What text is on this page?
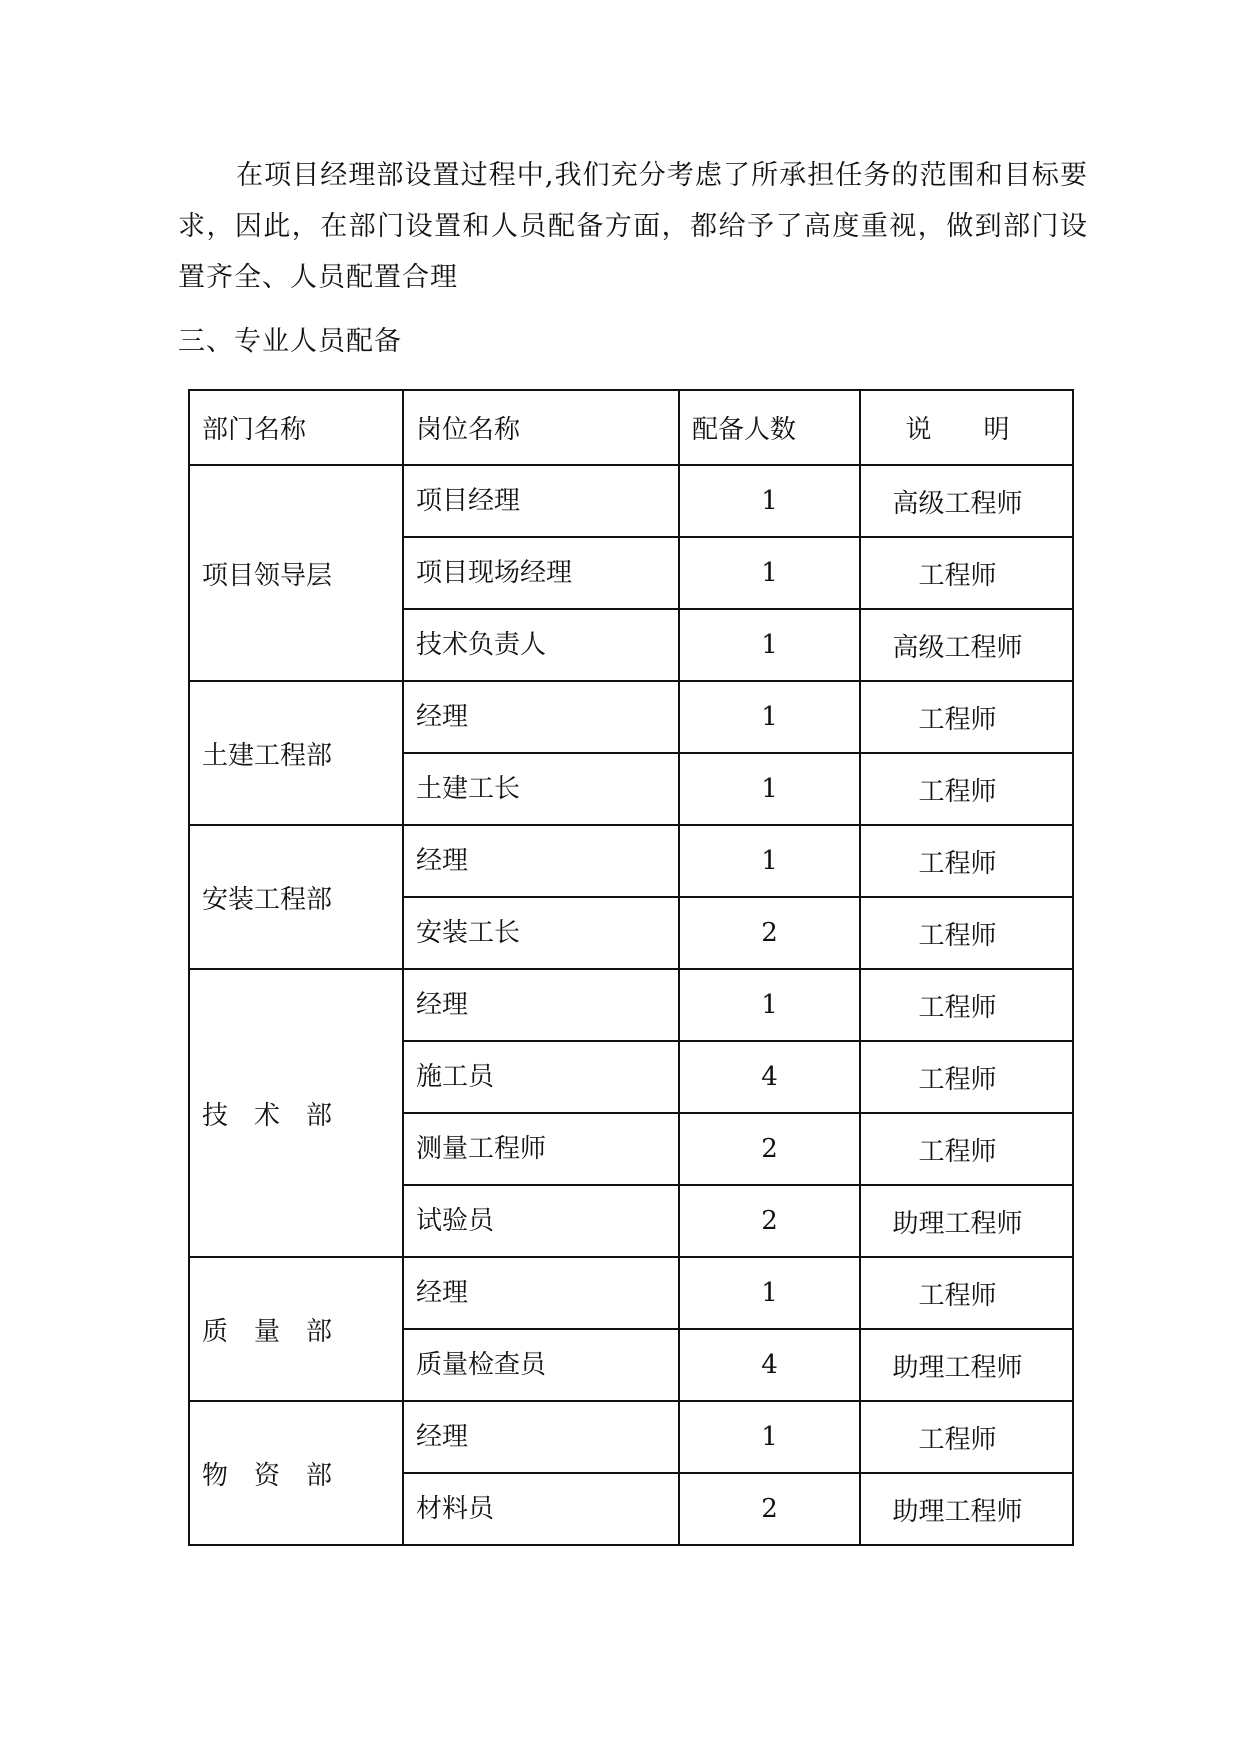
在项目经理部设置过程中,我们充分考虑了所承担任务的范围和目标要求，因此，在部门设置和人员配备方面，都给予了高度重视，做到部门设置齐全、人员配置合理

三、专业人员配备
部门名称	岗位名称	配备人数	说　　明
项目领导层	项目经理	1	高级工程师
	项目现场经理	1	工程师
	技术负责人	1	高级工程师
土建工程部	经理	1	工程师
	土建工长	1	工程师
安装工程部	经理	1	工程师
	安装工长	2	工程师
技　术　部	经理	1	工程师
	施工员	4	工程师
	测量工程师	2	工程师
	试验员	2	助理工程师
质　量　部	经理	1	工程师
	质量检查员	4	助理工程师
物　资　部	经理	1	工程师
	材料员	2	助理工程师
